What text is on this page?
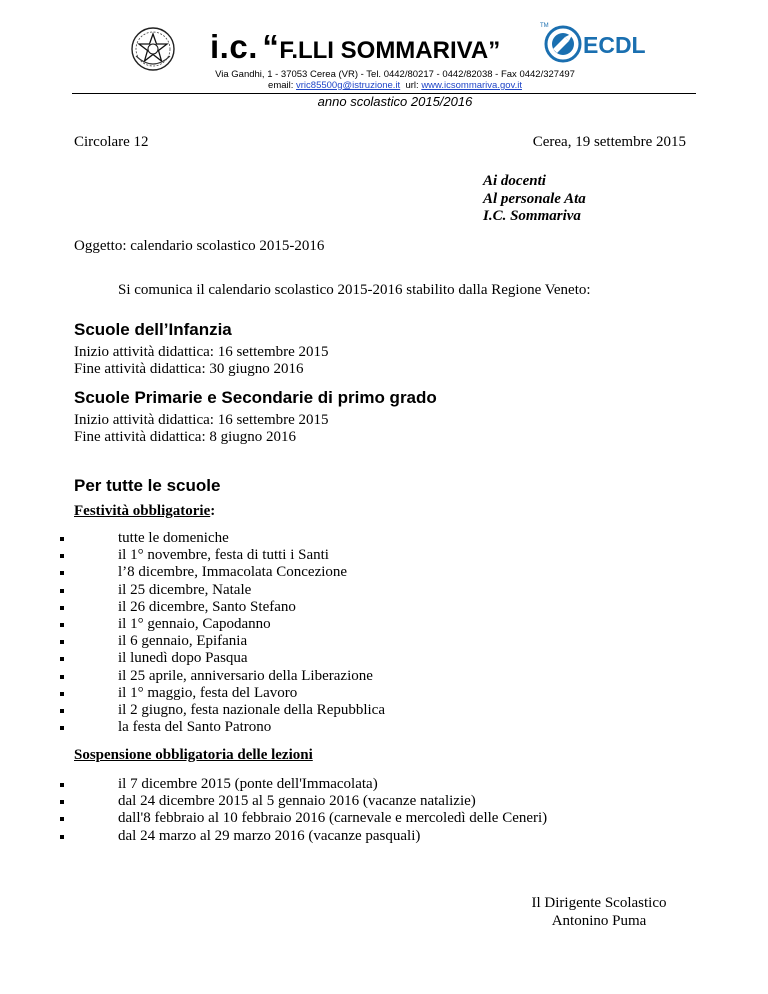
i.c. “F.LLI SOMMARIVA”
TM
ECDL
Via Gandhi, 1 - 37053 Cerea (VR) - Tel. 0442/80217 - 0442/82038 - Fax 0442/327497
email: vric85500g@istruzione.it url: www.icsommariva.gov.it
anno scolastico 2015/2016
Circolare 12	Cerea, 19 settembre 2015
Ai docenti
Al personale Ata
I.C. Sommariva
Oggetto: calendario scolastico 2015-2016
Si comunica il calendario scolastico 2015-2016 stabilito dalla Regione Veneto:
Scuole dell’Infanzia
Inizio attività didattica: 16 settembre 2015
Fine attività didattica: 30 giugno 2016
Scuole Primarie e Secondarie di primo grado
Inizio attività didattica: 16 settembre 2015
Fine attività didattica: 8 giugno 2016
Per tutte le scuole
Festività obbligatorie:
tutte le domeniche
il 1° novembre, festa di tutti i Santi
l’8 dicembre, Immacolata Concezione
il 25 dicembre, Natale
il 26 dicembre, Santo Stefano
il 1° gennaio, Capodanno
il 6 gennaio, Epifania
il lunedì dopo Pasqua
il 25 aprile, anniversario della Liberazione
il 1° maggio, festa del Lavoro
il 2 giugno, festa nazionale della Repubblica
la festa del Santo Patrono
Sospensione obbligatoria delle lezioni
il 7 dicembre 2015 (ponte dell'Immacolata)
dal 24 dicembre 2015 al 5 gennaio 2016 (vacanze natalizie)
dall'8 febbraio al 10 febbraio 2016 (carnevale e mercoledì delle Ceneri)
dal 24 marzo al 29 marzo 2016 (vacanze pasquali)
Il Dirigente Scolastico
Antonino Puma
